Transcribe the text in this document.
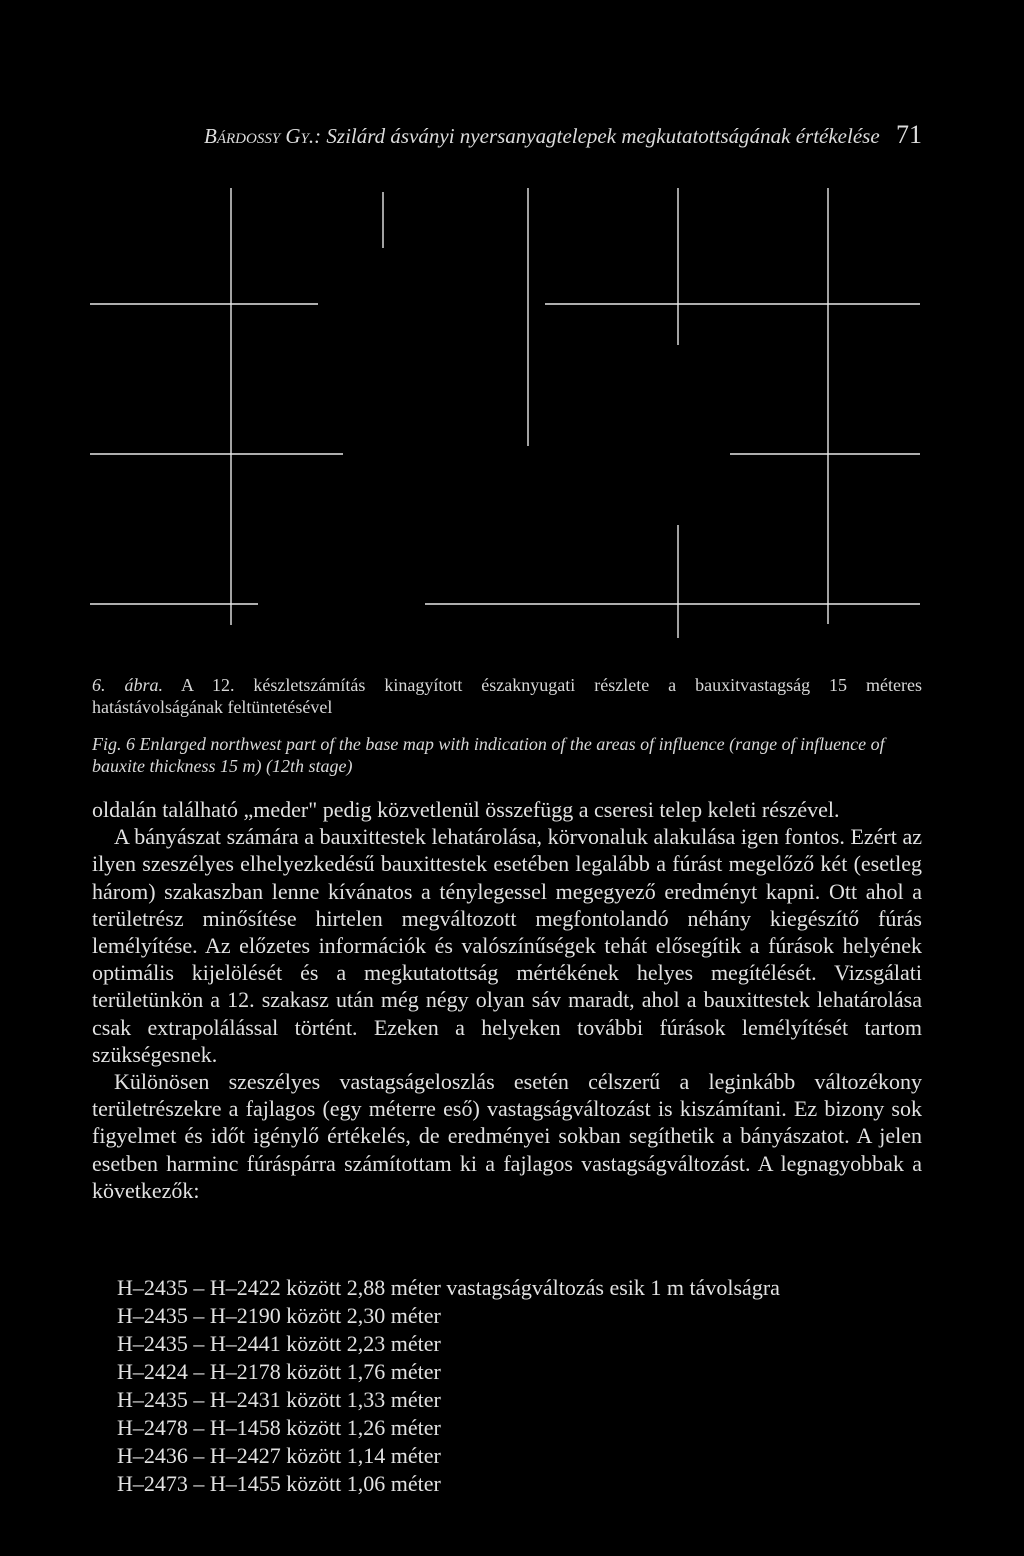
Bárdossy Gy.: Szilárd ásványi nyersanyagtelepek megkutatottságának értékelése 71
6. ábra. A 12. készletszámítás kinagyított északnyugati részlete a bauxitvastagság 15 méteres
hatástávolságának feltüntetésével
Fig. 6 Enlarged northwest part of the base map with indication of the areas of influence (range of influence of bauxite thickness 15 m) (12th stage)

oldalán található „meder" pedig közvetlenül összefügg a cseresi telep keleti részével.

A bányászat számára a bauxittestek lehatárolása, körvonaluk alakulása igen fontos. Ezért az ilyen szeszélyes elhelyezkedésű bauxittestek esetében legalább a fúrást megelőző két (esetleg három) szakaszban lenne kívánatos a ténylegessel megegyező eredményt kapni. Ott ahol a területrész minősítése hirtelen megváltozott megfontolandó néhány kiegészítő fúrás lemélyítése. Az előzetes információk és valószínűségek tehát elősegítik a fúrások helyének optimális kijelölését és a megkutatottság mértékének helyes megítélését. Vizsgálati területünkön a 12. szakasz után még négy olyan sáv maradt, ahol a bauxittestek lehatárolása csak extrapolálással történt. Ezeken a helyeken további fúrások lemélyítését tartom szükségesnek.

Különösen szeszélyes vastagságeloszlás esetén célszerű a leginkább változékony területrészekre a fajlagos (egy méterre eső) vastagságváltozást is kiszámítani. Ez bizony sok figyelmet és időt igénylő értékelés, de eredményei sokban segíthetik a bányászatot. A jelen esetben harminc fúráspárra számítottam ki a fajlagos vastagságváltozást. A legnagyobbak a következők:

H–2435 – H–2422 között 2,88 méter vastagságváltozás esik 1 m távolságra
H–2435 – H–2190 között 2,30 méter
H–2435 – H–2441 között 2,23 méter
H–2424 – H–2178 között 1,76 méter
H–2435 – H–2431 között 1,33 méter
H–2478 – H–1458 között 1,26 méter
H–2436 – H–2427 között 1,14 méter
H–2473 – H–1455 között 1,06 méter
